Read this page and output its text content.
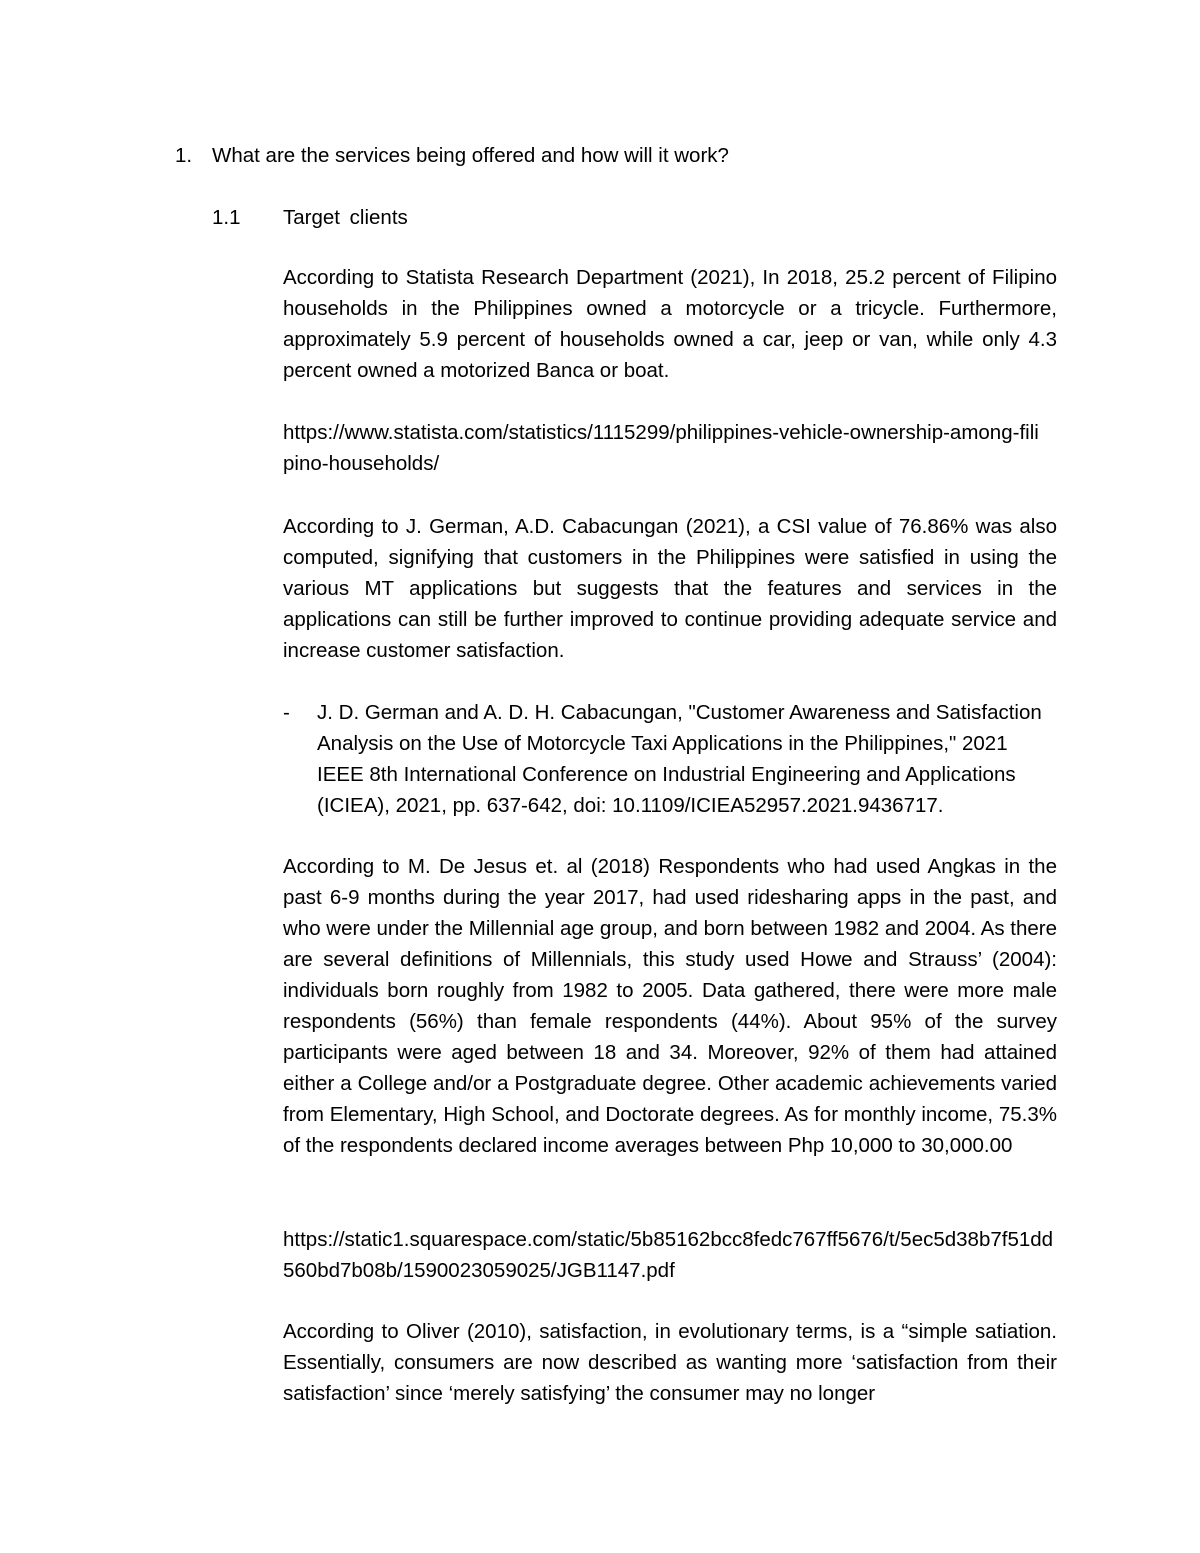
1. What are the services being offered and how will it work?
1.1 Target clients

According to Statista Research Department (2021), In 2018, 25.2 percent of Filipino households in the Philippines owned a motorcycle or a tricycle. Furthermore, approximately 5.9 percent of households owned a car, jeep or van, while only 4.3 percent owned a motorized Banca or boat.

https://www.statista.com/statistics/1115299/philippines-vehicle-ownership-among-filipino-households/

According to J. German, A.D. Cabacungan (2021), a CSI value of 76.86% was also computed, signifying that customers in the Philippines were satisfied in using the various MT applications but suggests that the features and services in the applications can still be further improved to continue providing adequate service and increase customer satisfaction.

- J. D. German and A. D. H. Cabacungan, "Customer Awareness and Satisfaction Analysis on the Use of Motorcycle Taxi Applications in the Philippines," 2021 IEEE 8th International Conference on Industrial Engineering and Applications (ICIEA), 2021, pp. 637-642, doi: 10.1109/ICIEA52957.2021.9436717.

According to M. De Jesus et. al (2018) Respondents who had used Angkas in the past 6-9 months during the year 2017, had used ridesharing apps in the past, and who were under the Millennial age group, and born between 1982 and 2004. As there are several definitions of Millennials, this study used Howe and Strauss’ (2004): individuals born roughly from 1982 to 2005. Data gathered, there were more male respondents (56%) than female respondents (44%). About 95% of the survey participants were aged between 18 and 34. Moreover, 92% of them had attained either a College and/or a Postgraduate degree. Other academic achievements varied from Elementary, High School, and Doctorate degrees. As for monthly income, 75.3% of the respondents declared income averages between Php 10,000 to 30,000.00

https://static1.squarespace.com/static/5b85162bcc8fedc767ff5676/t/5ec5d38b7f51dd560bd7b08b/1590023059025/JGB1147.pdf

According to Oliver (2010), satisfaction, in evolutionary terms, is a “simple satiation. Essentially, consumers are now described as wanting more ‘satisfaction from their satisfaction’ since ‘merely satisfying’ the consumer may no longer
